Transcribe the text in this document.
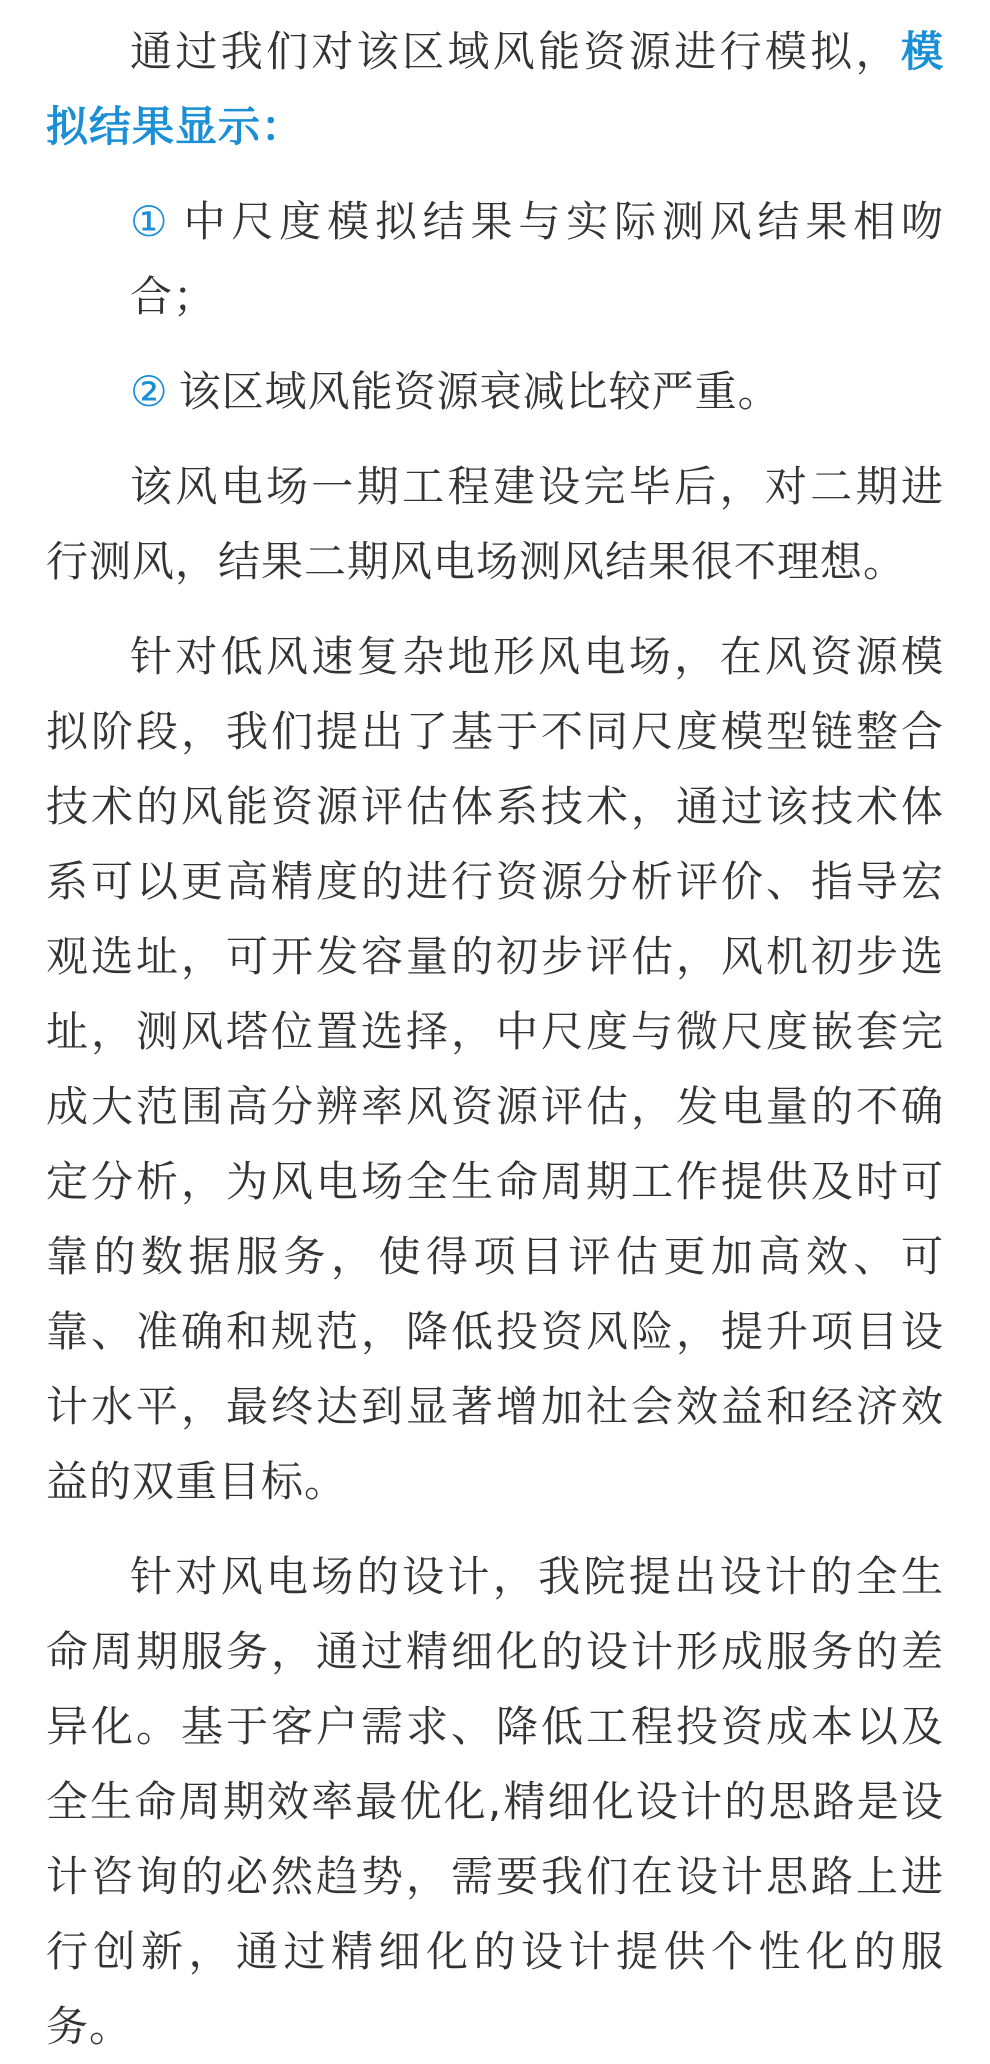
通过我们对该区域风能资源进行模拟，模拟结果显示：

① 中尺度模拟结果与实际测风结果相吻合；

② 该区域风能资源衰减比较严重。

该风电场一期工程建设完毕后，对二期进行测风，结果二期风电场测风结果很不理想。

针对低风速复杂地形风电场，在风资源模拟阶段，我们提出了基于不同尺度模型链整合技术的风能资源评估体系技术，通过该技术体系可以更高精度的进行资源分析评价、指导宏观选址，可开发容量的初步评估，风机初步选址，测风塔位置选择，中尺度与微尺度嵌套完成大范围高分辨率风资源评估，发电量的不确定分析，为风电场全生命周期工作提供及时可靠的数据服务，使得项目评估更加高效、可靠、准确和规范，降低投资风险，提升项目设计水平，最终达到显著增加社会效益和经济效益的双重目标。

针对风电场的设计，我院提出设计的全生命周期服务，通过精细化的设计形成服务的差异化。基于客户需求、降低工程投资成本以及全生命周期效率最优化,精细化设计的思路是设计咨询的必然趋势，需要我们在设计思路上进行创新，通过精细化的设计提供个性化的服务。
